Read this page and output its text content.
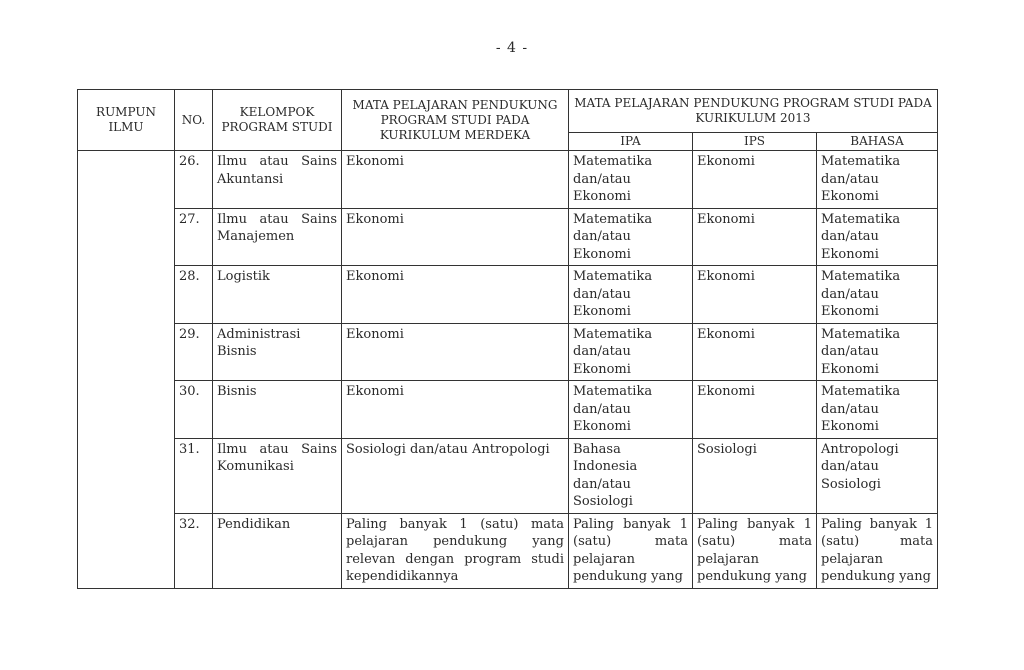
- 4 -
RUMPUN ILMU	NO.	KELOMPOK PROGRAM STUDI	MATA PELAJARAN PENDUKUNG PROGRAM STUDI PADA KURIKULUM MERDEKA	MATA PELAJARAN PENDUKUNG PROGRAM STUDI PADA KURIKULUM 2013		
				IPA	IPS	BAHASA
	26.	Ilmu atau Sains Akuntansi	Ekonomi	Matematika dan/atau Ekonomi	Ekonomi	Matematika dan/atau Ekonomi
	27.	Ilmu atau Sains Manajemen	Ekonomi	Matematika dan/atau Ekonomi	Ekonomi	Matematika dan/atau Ekonomi
	28.	Logistik	Ekonomi	Matematika dan/atau Ekonomi	Ekonomi	Matematika dan/atau Ekonomi
	29.	Administrasi Bisnis	Ekonomi	Matematika dan/atau Ekonomi	Ekonomi	Matematika dan/atau Ekonomi
	30.	Bisnis	Ekonomi	Matematika dan/atau Ekonomi	Ekonomi	Matematika dan/atau Ekonomi
	31.	Ilmu atau Sains Komunikasi	Sosiologi dan/atau Antropologi	Bahasa Indonesia dan/atau Sosiologi	Sosiologi	Antropologi dan/atau Sosiologi
	32.	Pendidikan	Paling banyak 1 (satu) mata pelajaran pendukung yang relevan dengan program studi kependidikannya	Paling banyak 1 (satu) mata pelajaran pendukung yang	Paling banyak 1 (satu) mata pelajaran pendukung yang	Paling banyak 1 (satu) mata pelajaran pendukung yang
